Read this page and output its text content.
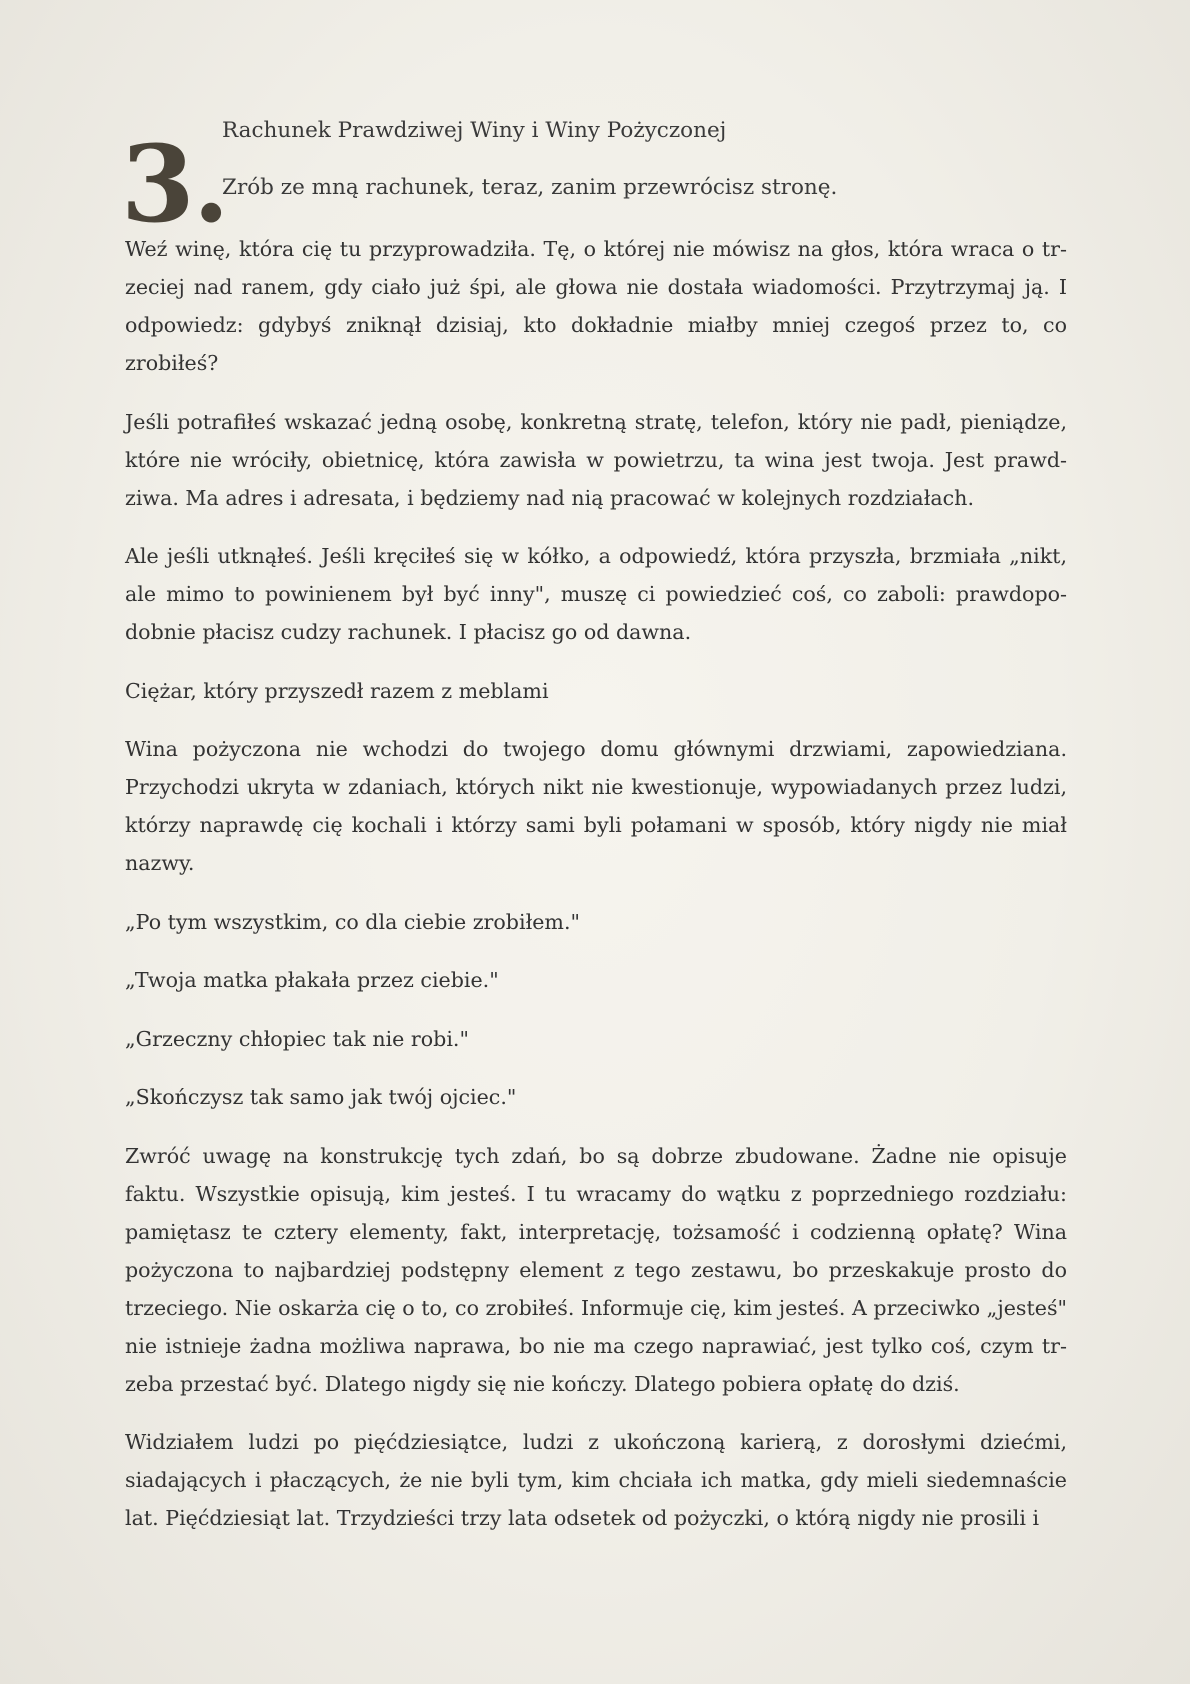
3.
Rachunek Prawdziwej Winy i Winy Pożyczonej
Zrób ze mną rachunek, teraz, zanim przewrócisz stronę.

Weź winę, która cię tu przyprowadziła. Tę, o której nie mówisz na głos, która wraca o trzeciej nad ranem, gdy ciało już śpi, ale głowa nie dostała wiadomości. Przytrzymaj ją. I odpowiedz: gdybyś zniknął dzisiaj, kto dokładnie miałby mniej czegoś przez to, co zrobiłeś?

Jeśli potrafiłeś wskazać jedną osobę, konkretną stratę, telefon, który nie padł, pieniądze, które nie wróciły, obietnicę, która zawisła w powietrzu, ta wina jest twoja. Jest prawdziwa. Ma adres i adresata, i będziemy nad nią pracować w kolejnych rozdziałach.

Ale jeśli utknąłeś. Jeśli kręciłeś się w kółko, a odpowiedź, która przyszła, brzmiała „nikt, ale mimo to powinienem był być inny", muszę ci powiedzieć coś, co zaboli: prawdopodobnie płacisz cudzy rachunek. I płacisz go od dawna.

Ciężar, który przyszedł razem z meblami

Wina pożyczona nie wchodzi do twojego domu głównymi drzwiami, zapowiedziana. Przychodzi ukryta w zdaniach, których nikt nie kwestionuje, wypowiadanych przez ludzi, którzy naprawdę cię kochali i którzy sami byli połamani w sposób, który nigdy nie miał nazwy.

„Po tym wszystkim, co dla ciebie zrobiłem."

„Twoja matka płakała przez ciebie."

„Grzeczny chłopiec tak nie robi."

„Skończysz tak samo jak twój ojciec."

Zwróć uwagę na konstrukcję tych zdań, bo są dobrze zbudowane. Żadne nie opisuje faktu. Wszystkie opisują, kim jesteś. I tu wracamy do wątku z poprzedniego rozdziału: pamiętasz te cztery elementy, fakt, interpretację, tożsamość i codzienną opłatę? Wina pożyczona to najbardziej podstępny element z tego zestawu, bo przeskakuje prosto do trzeciego. Nie oskarża cię o to, co zrobiłeś. Informuje cię, kim jesteś. A przeciwko „jesteś" nie istnieje żadna możliwa naprawa, bo nie ma czego naprawiać, jest tylko coś, czym trzeba przestać być. Dlatego nigdy się nie kończy. Dlatego pobiera opłatę do dziś.

Widziałem ludzi po pięćdziesiątce, ludzi z ukończoną karierą, z dorosłymi dziećmi, siadających i płaczących, że nie byli tym, kim chciała ich matka, gdy mieli siedemnaście lat. Pięćdziesiąt lat. Trzydzieści trzy lata odsetek od pożyczki, o którą nigdy nie prosili i
